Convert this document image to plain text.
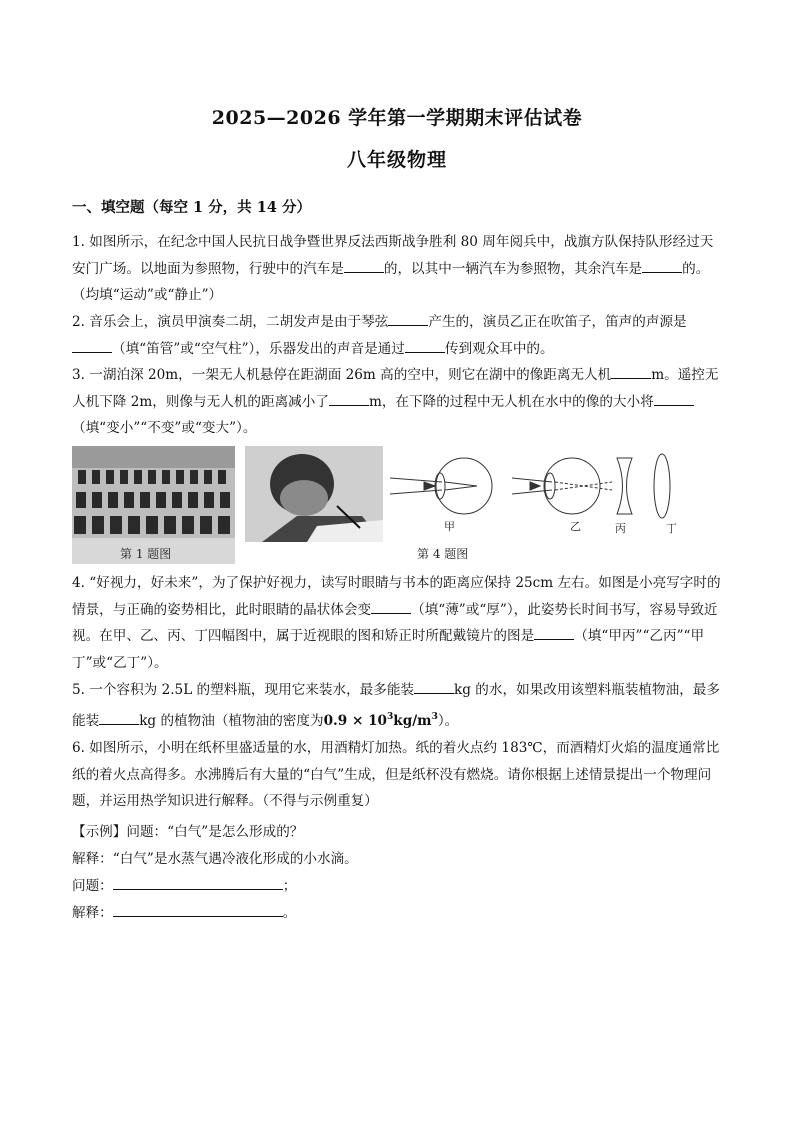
2025—2026 学年第一学期期末评估试卷
八年级物理
一、填空题（每空 1 分，共 14 分）
1. 如图所示，在纪念中国人民抗日战争暨世界反法西斯战争胜利 80 周年阅兵中，战旗方队保持队形经过天安门广场。以地面为参照物，行驶中的汽车是	的，以其中一辆汽车为参照物，其余汽车是	的。（均填“运动”或“静止”）
2. 音乐会上，演员甲演奏二胡，二胡发声是由于琴弦	产生的，演员乙正在吹笛子，笛声的声源是（填“笛管”或“空气柱”），乐器发出的声音是通过	传到观众耳中的。
3. 一湖泊深 20m，一架无人机悬停在距湖面 26m 高的空中，则它在湖中的像距离无人机	m。遥控无人机下降 2m，则像与无人机的距离减小了	m，在下降的过程中无人机在水中的像的大小将（填“变小”“不变”或“变大”）。
第 1 题图	第 4 题图
甲	乙	丙	丁
4. “好视力，好未来”，为了保护好视力，读写时眼睛与书本的距离应保持 25cm 左右。如图是小亮写字时的情景，与正确的姿势相比，此时眼睛的晶状体会变	（填“薄”或“厚”），此姿势长时间书写，容易导致近视。在甲、乙、丙、丁四幅图中，属于近视眼的图和矫正时所配戴镜片的图是	（填“甲丙”“乙丙”“甲丁”或“乙丁”）。
5. 一个容积为 2.5L 的塑料瓶，现用它来装水，最多能装	kg 的水，如果改用该塑料瓶装植物油，最多能装	kg 的植物油（植物油的密度为$0.9 \times 10^3kg/m^3$）。
6. 如图所示，小明在纸杯里盛适量的水，用酒精灯加热。纸的着火点约 183℃，而酒精灯火焰的温度通常比纸的着火点高得多。水沸腾后有大量的“白气”生成，但是纸杯没有燃烧。请你根据上述情景提出一个物理问题，并运用热学知识进行解释。（不得与示例重复）
【示例】问题：“白气”是怎么形成的？
解释：“白气”是水蒸气遇冷液化形成的小水滴。
问题：	；
解释：	。
